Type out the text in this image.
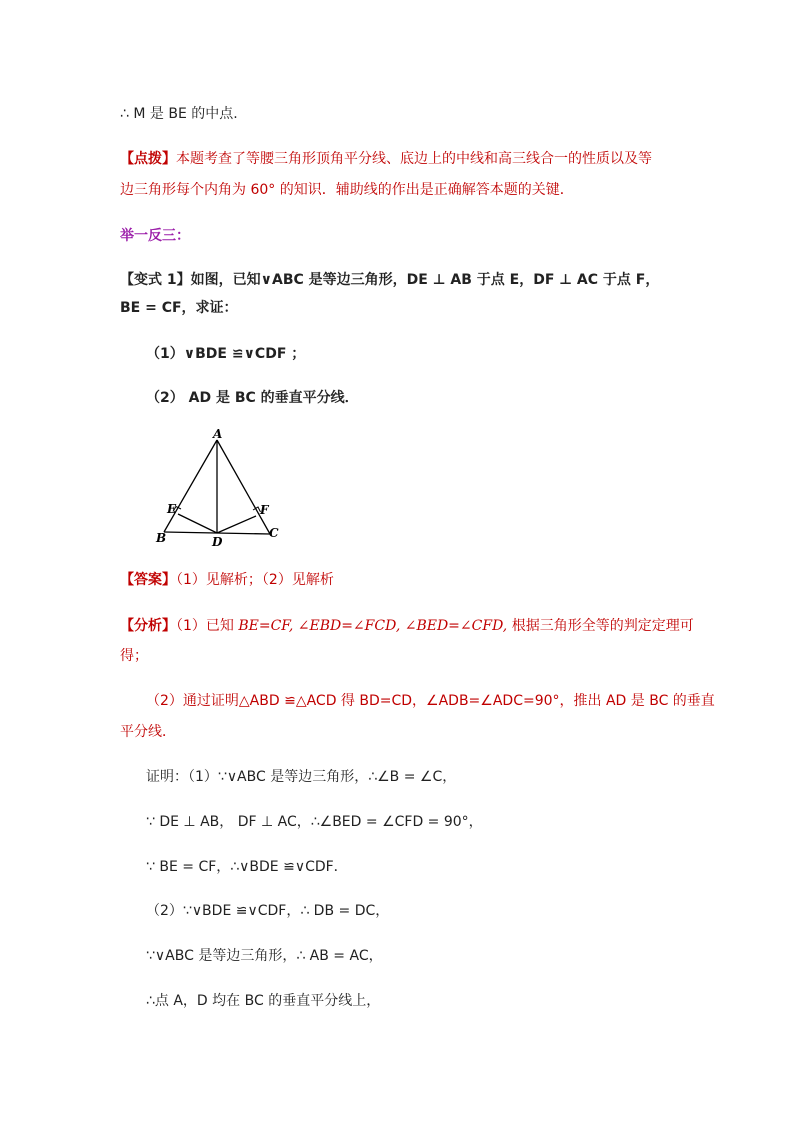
∴ M 是 BE 的中点.
【点拨】本题考查了等腰三角形顶角平分线、底边上的中线和高三线合一的性质以及等
边三角形每个内角为 60° 的知识．辅助线的作出是正确解答本题的关键．
举一反三：
【变式 1】如图，已知∨ABC 是等边三角形，DE ⊥ AB 于点 E，DF ⊥ AC 于点 F，
BE = CF，求证：
（1）∨BDE ≌∨CDF ；
（2） AD 是 BC 的垂直平分线．
A
B	C
D
E	F
【答案】（1）见解析；（2）见解析
【分析】（1）已知 BE=CF, ∠EBD=∠FCD, ∠BED=∠CFD, 根据三角形全等的判定定理可
得；
（2）通过证明△ABD ≌△ACD 得 BD=CD，∠ADB=∠ADC=90°，推出 AD 是 BC 的垂直
平分线．
证明：（1）∵∨ABC 是等边三角形，∴∠B = ∠C，
∵ DE ⊥ AB， DF ⊥ AC，∴∠BED = ∠CFD = 90°，
∵ BE = CF，∴∨BDE ≌∨CDF．
（2）∵∨BDE ≌∨CDF，∴ DB = DC，
∵∨ABC 是等边三角形，∴ AB = AC，
∴点 A，D 均在 BC 的垂直平分线上，
